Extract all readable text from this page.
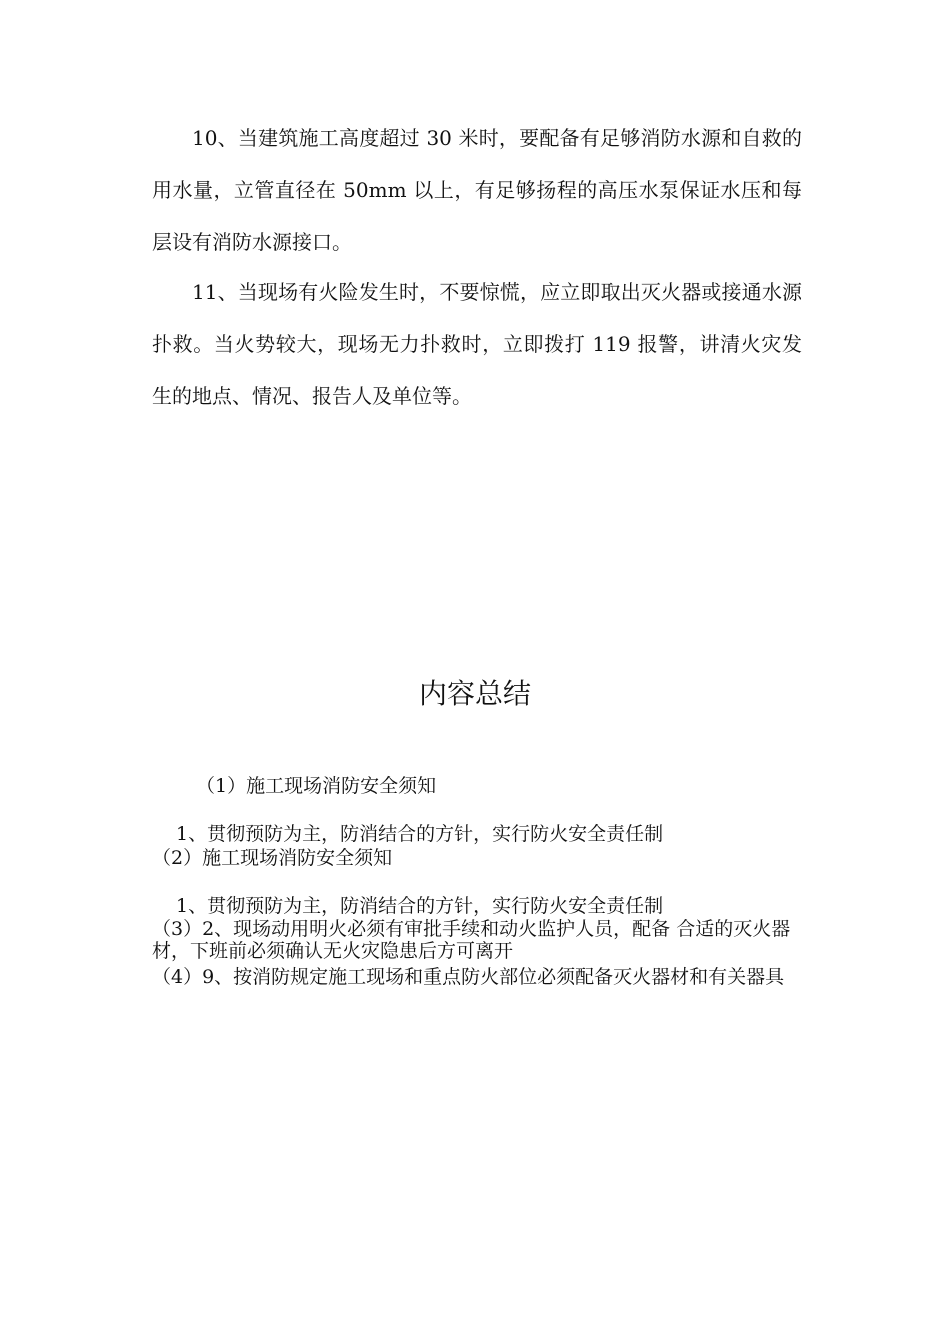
10、当建筑施工高度超过 30 米时，要配备有足够消防水源和自救的用水量，立管直径在 50mm 以上，有足够扬程的高压水泵保证水压和每层设有消防水源接口。

11、当现场有火险发生时，不要惊慌，应立即取出灭火器或接通水源扑救。当火势较大，现场无力扑救时，立即拨打 119 报警，讲清火灾发生的地点、情况、报告人及单位等。

内容总结

（1）施工现场消防安全须知

1、贯彻预防为主，防消结合的方针，实行防火安全责任制

（2）施工现场消防安全须知

1、贯彻预防为主，防消结合的方针，实行防火安全责任制

（3）2、现场动用明火必须有审批手续和动火监护人员，配备 合适的灭火器材，下班前必须确认无火灾隐患后方可离开

（4）9、按消防规定施工现场和重点防火部位必须配备灭火器材和有关器具
